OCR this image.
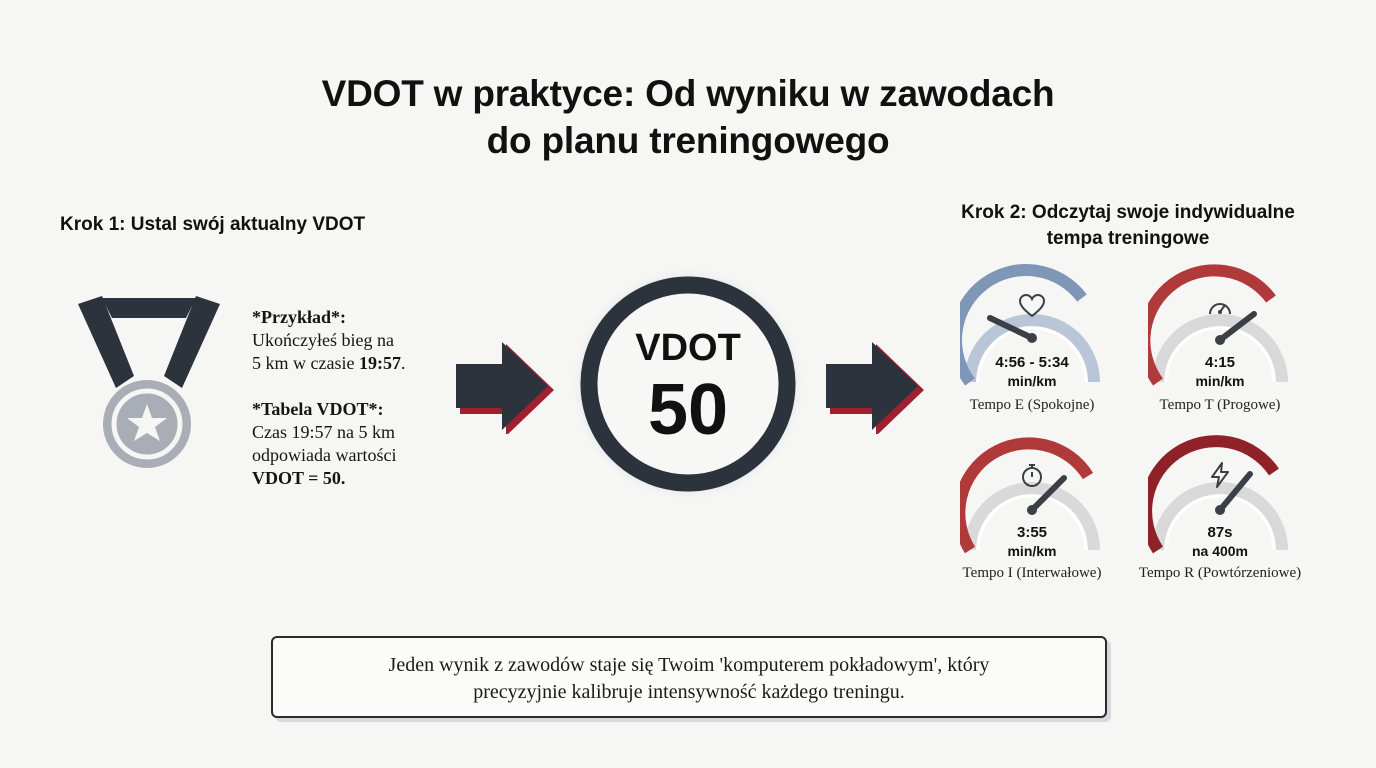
VDOT w praktyce: Od wyniku w zawodach
do planu treningowego
Krok 1: Ustal swój aktualny VDOT

*Przykład*:

Ukończyłeś bieg na

5 km w czasie 19:57.

*Tabela VDOT*:

Czas 19:57 na 5 km

odpowiada wartości

VDOT = 50.

VDOT
50
Krok 2: Odczytaj swoje indywidualne
tempa treningowe
4:56 - 5:34
min/km
Tempo E (Spokojne)
4:15
min/km
Tempo T (Progowe)
3:55
min/km
Tempo I (Interwałowe)
87s
na 400m
Tempo R (Powtórzeniowe)
Jeden wynik z zawodów staje się Twoim 'komputerem pokładowym', który
precyzyjnie kalibruje intensywność każdego treningu.
